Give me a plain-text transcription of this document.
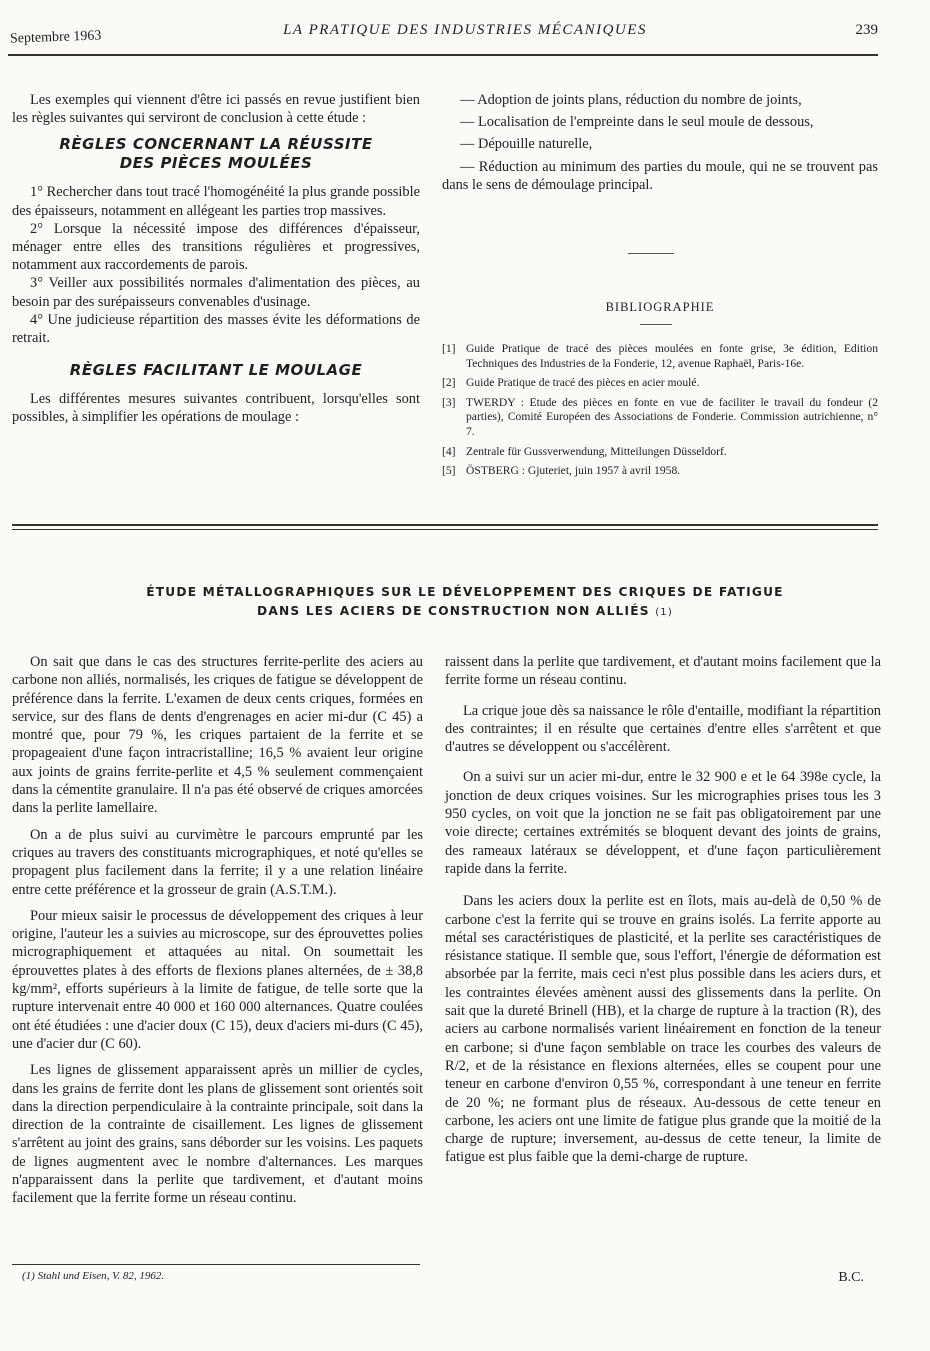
Septembre 1963	LA PRATIQUE DES INDUSTRIES MÉCANIQUES	239

Les exemples qui viennent d'être ici passés en revue justifient bien les règles suivantes qui serviront de conclusion à cette étude :

RÈGLES CONCERNANT LA RÉUSSITE
DES PIÈCES MOULÉES

1° Rechercher dans tout tracé l'homogénéité la plus grande possible des épaisseurs, notamment en allégeant les parties trop massives.

2° Lorsque la nécessité impose des différences d'épaisseur, ménager entre elles des transitions régulières et progressives, notamment aux raccordements de parois.

3° Veiller aux possibilités normales d'alimentation des pièces, au besoin par des surépaisseurs convenables d'usinage.

4° Une judicieuse répartition des masses évite les déformations de retrait.

RÈGLES FACILITANT LE MOULAGE

Les différentes mesures suivantes contribuent, lorsqu'elles sont possibles, à simplifier les opérations de moulage :

— Adoption de joints plans, réduction du nombre de joints,

— Localisation de l'empreinte dans le seul moule de dessous,

— Dépouille naturelle,

— Réduction au minimum des parties du moule, qui ne se trouvent pas dans le sens de démoulage principal.

BIBLIOGRAPHIE
[1] Guide Pratique de tracé des pièces moulées en fonte grise, 3e édition, Edition Techniques des Industries de la Fonderie, 12, avenue Raphaël, Paris-16e.
[2] Guide Pratique de tracé des pièces en acier moulé.
[3] TWERDY : Etude des pièces en fonte en vue de faciliter le travail du fondeur (2 parties), Comité Européen des Associations de Fonderie. Commission autrichienne, n° 7.
[4] Zentrale für Gussverwendung, Mitteilungen Düsseldorf.
[5] ÖSTBERG : Gjuteriet, juin 1957 à avril 1958.
ÉTUDE MÉTALLOGRAPHIQUES SUR LE DÉVELOPPEMENT DES CRIQUES DE FATIGUE
DANS LES ACIERS DE CONSTRUCTION NON ALLIÉS (1)

On sait que dans le cas des structures ferrite-perlite des aciers au carbone non alliés, normalisés, les criques de fatigue se développent de préférence dans la ferrite. L'examen de deux cents criques, formées en service, sur des flans de dents d'engrenages en acier mi-dur (C 45) a montré que, pour 79 %, les criques partaient de la ferrite et se propageaient d'une façon intracristalline; 16,5 % avaient leur origine aux joints de grains ferrite-perlite et 4,5 % seulement commençaient dans la cémentite granulaire. Il n'a pas été observé de criques amorcées dans la perlite lamellaire.

On a de plus suivi au curvimètre le parcours emprunté par les criques au travers des constituants micrographiques, et noté qu'elles se propagent plus facilement dans la ferrite; il y a une relation linéaire entre cette préférence et la grosseur de grain (A.S.T.M.).

Pour mieux saisir le processus de développement des criques à leur origine, l'auteur les a suivies au microscope, sur des éprouvettes polies micrographiquement et attaquées au nital. On soumettait les éprouvettes plates à des efforts de flexions planes alternées, de ± 38,8 kg/mm², efforts supérieurs à la limite de fatigue, de telle sorte que la rupture intervenait entre 40 000 et 160 000 alternances. Quatre coulées ont été étudiées : une d'acier doux (C 15), deux d'aciers mi-durs (C 45), une d'acier dur (C 60).

Les lignes de glissement apparaissent après un millier de cycles, dans les grains de ferrite dont les plans de glissement sont orientés soit dans la direction perpendiculaire à la contrainte principale, soit dans la direction de la contrainte de cisaillement. Les lignes de glissement s'arrêtent au joint des grains, sans déborder sur les voisins. Les paquets de lignes augmentent avec le nombre d'alternances. Les marques n'apparaissent dans la perlite que tardivement, et d'autant moins facilement que la ferrite forme un réseau continu.

raissent dans la perlite que tardivement, et d'autant moins facilement que la ferrite forme un réseau continu.

La crique joue dès sa naissance le rôle d'entaille, modifiant la répartition des contraintes; il en résulte que certaines d'entre elles s'arrêtent et que d'autres se développent ou s'accélèrent.

On a suivi sur un acier mi-dur, entre le 32 900 e et le 64 398e cycle, la jonction de deux criques voisines. Sur les micrographies prises tous les 3 950 cycles, on voit que la jonction ne se fait pas obligatoirement par une voie directe; certaines extrémités se bloquent devant des joints de grains, des rameaux latéraux se développent, et d'une façon particulièrement rapide dans la ferrite.

Dans les aciers doux la perlite est en îlots, mais au-delà de 0,50 % de carbone c'est la ferrite qui se trouve en grains isolés. La ferrite apporte au métal ses caractéristiques de plasticité, et la perlite ses caractéristiques de résistance statique. Il semble que, sous l'effort, l'énergie de déformation est absorbée par la ferrite, mais ceci n'est plus possible dans les aciers durs, et les contraintes élevées amènent aussi des glissements dans la perlite. On sait que la dureté Brinell (HB), et la charge de rupture à la traction (R), des aciers au carbone normalisés varient linéairement en fonction de la teneur en carbone; si d'une façon semblable on trace les courbes des valeurs de R/2, et de la résistance en flexions alternées, elles se coupent pour une teneur en carbone d'environ 0,55 %, correspondant à une teneur en ferrite de 20 %; ne formant plus de réseaux. Au-dessous de cette teneur en carbone, les aciers ont une limite de fatigue plus grande que la moitié de la charge de rupture; inversement, au-dessus de cette teneur, la limite de fatigue est plus faible que la demi-charge de rupture.

(1) Stahl und Eisen, V. 82, 1962.	B.C.
